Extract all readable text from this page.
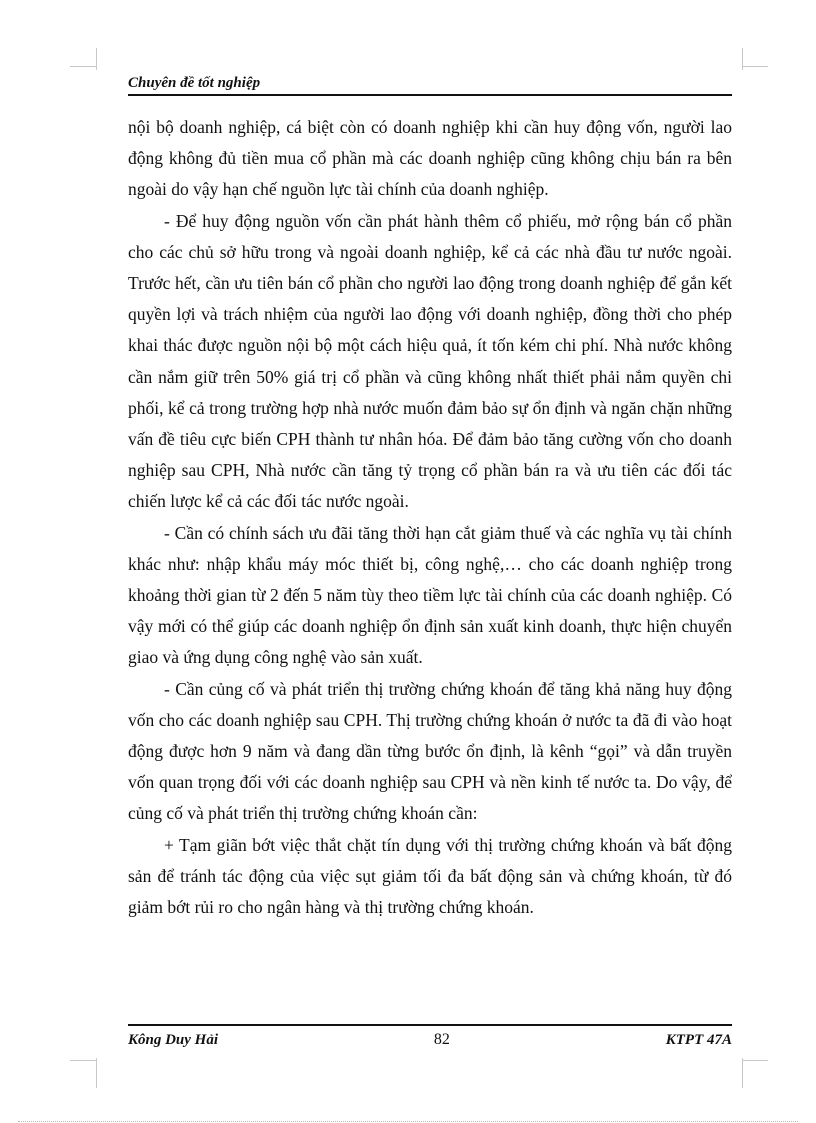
Chuyên đề tốt nghiệp

nội bộ doanh nghiệp, cá biệt còn có doanh nghiệp khi cần huy động vốn, người lao động không đủ tiền mua cổ phần mà các doanh nghiệp cũng không chịu bán ra bên ngoài do vậy hạn chế nguồn lực tài chính của doanh nghiệp.

- Để huy động nguồn vốn cần phát hành thêm cổ phiếu, mở rộng bán cổ phần cho các chủ sở hữu trong và ngoài doanh nghiệp, kể cả các nhà đầu tư nước ngoài. Trước hết, cần ưu tiên bán cổ phần cho người lao động trong doanh nghiệp để gắn kết quyền lợi và trách nhiệm của người lao động với doanh nghiệp, đồng thời cho phép khai thác được nguồn nội bộ một cách hiệu quả, ít tốn kém chi phí. Nhà nước không cần nắm giữ trên 50% giá trị cổ phần và cũng không nhất thiết phải nắm quyền chi phối, kể cả trong trường hợp nhà nước muốn đảm bảo sự ổn định và ngăn chặn những vấn đề tiêu cực biến CPH thành tư nhân hóa. Để đảm bảo tăng cường vốn cho doanh nghiệp sau CPH, Nhà nước cần tăng tỷ trọng cổ phần bán ra và ưu tiên các đối tác chiến lược kể cả các đối tác nước ngoài.

- Cần có chính sách ưu đãi tăng thời hạn cắt giảm thuế và các nghĩa vụ tài chính khác như: nhập khẩu máy móc thiết bị, công nghệ,… cho các doanh nghiệp trong khoảng thời gian từ 2 đến 5 năm tùy theo tiềm lực tài chính của các doanh nghiệp. Có vậy mới có thể giúp các doanh nghiệp ổn định sản xuất kinh doanh, thực hiện chuyển giao và ứng dụng công nghệ vào sản xuất.

- Cần củng cố và phát triển thị trường chứng khoán để tăng khả năng huy động vốn cho các doanh nghiệp sau CPH. Thị trường chứng khoán ở nước ta đã đi vào hoạt động được hơn 9 năm và đang dần từng bước ổn định, là kênh “gọi” và dẫn truyền vốn quan trọng đối với các doanh nghiệp sau CPH và nền kinh tế nước ta. Do vậy, để củng cố và phát triển thị trường chứng khoán cần:

+ Tạm giãn bớt việc thắt chặt tín dụng với thị trường chứng khoán và bất động sản để tránh tác động của việc sụt giảm tối đa bất động sản và chứng khoán, từ đó giảm bớt rủi ro cho ngân hàng và thị trường chứng khoán.

Kông Duy Hải	82	KTPT 47A
